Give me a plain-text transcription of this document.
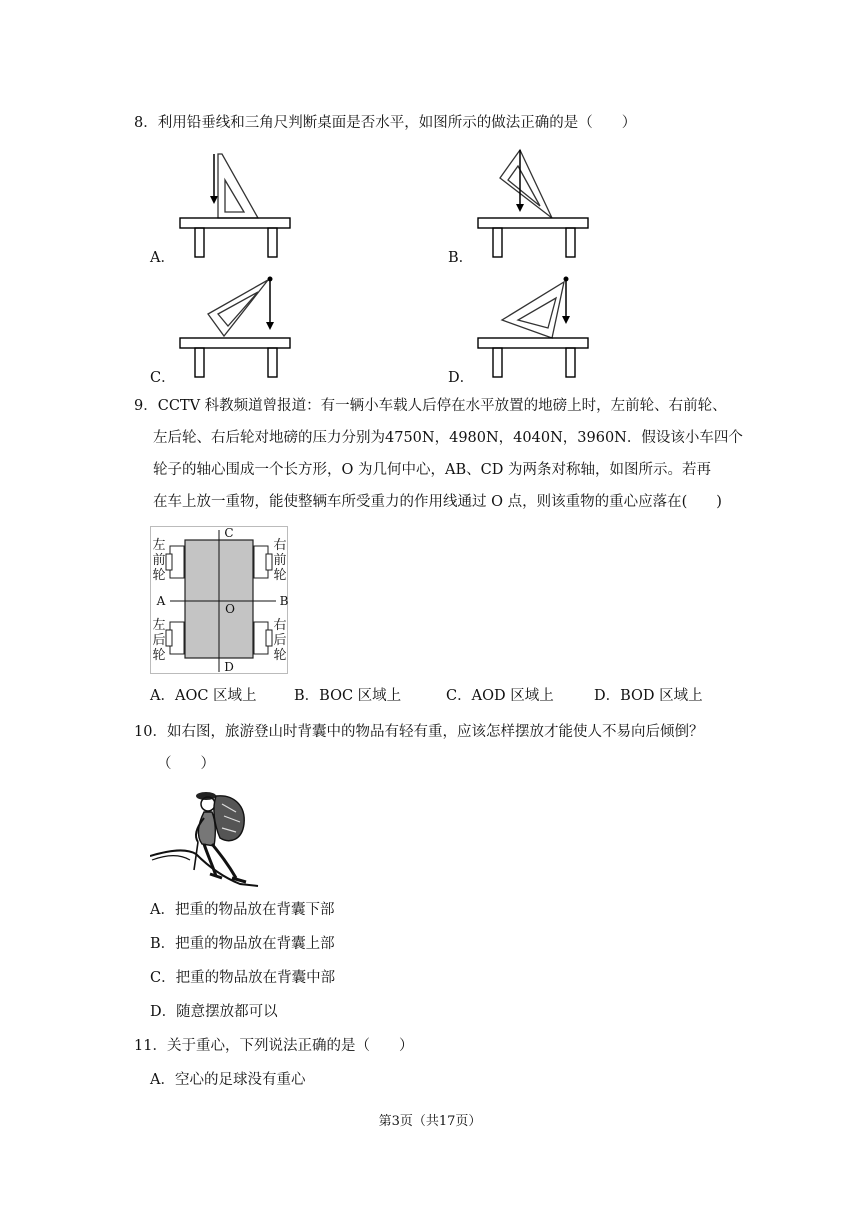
8．利用铅垂线和三角尺判断桌面是否水平，如图所示的做法正确的是（　　）
A．	B．
C．	D．
9．CCTV 科教频道曾报道：有一辆小车载人后停在水平放置的地磅上时，左前轮、右前轮、
左后轮、右后轮对地磅的压力分别为4750N，4980N，4040N，3960N．假设该小车四个
轮子的轴心围成一个长方形，O 为几何中心，AB、CD 为两条对称轴，如图所示。若再
在车上放一重物，能使整辆车所受重力的作用线通过 O 点，则该重物的重心应落在(　　)
左前轮
右前轮
左后轮
右后轮
A	B
C
D
O
A．AOC 区域上	B．BOC 区域上	C．AOD 区域上	D．BOD 区域上
10．如右图，旅游登山时背囊中的物品有轻有重，应该怎样摆放才能使人不易向后倾倒？
（　　）
A．把重的物品放在背囊下部
B．把重的物品放在背囊上部
C．把重的物品放在背囊中部
D．随意摆放都可以
11．关于重心，下列说法正确的是（　　）
A．空心的足球没有重心
第3页（共17页）
